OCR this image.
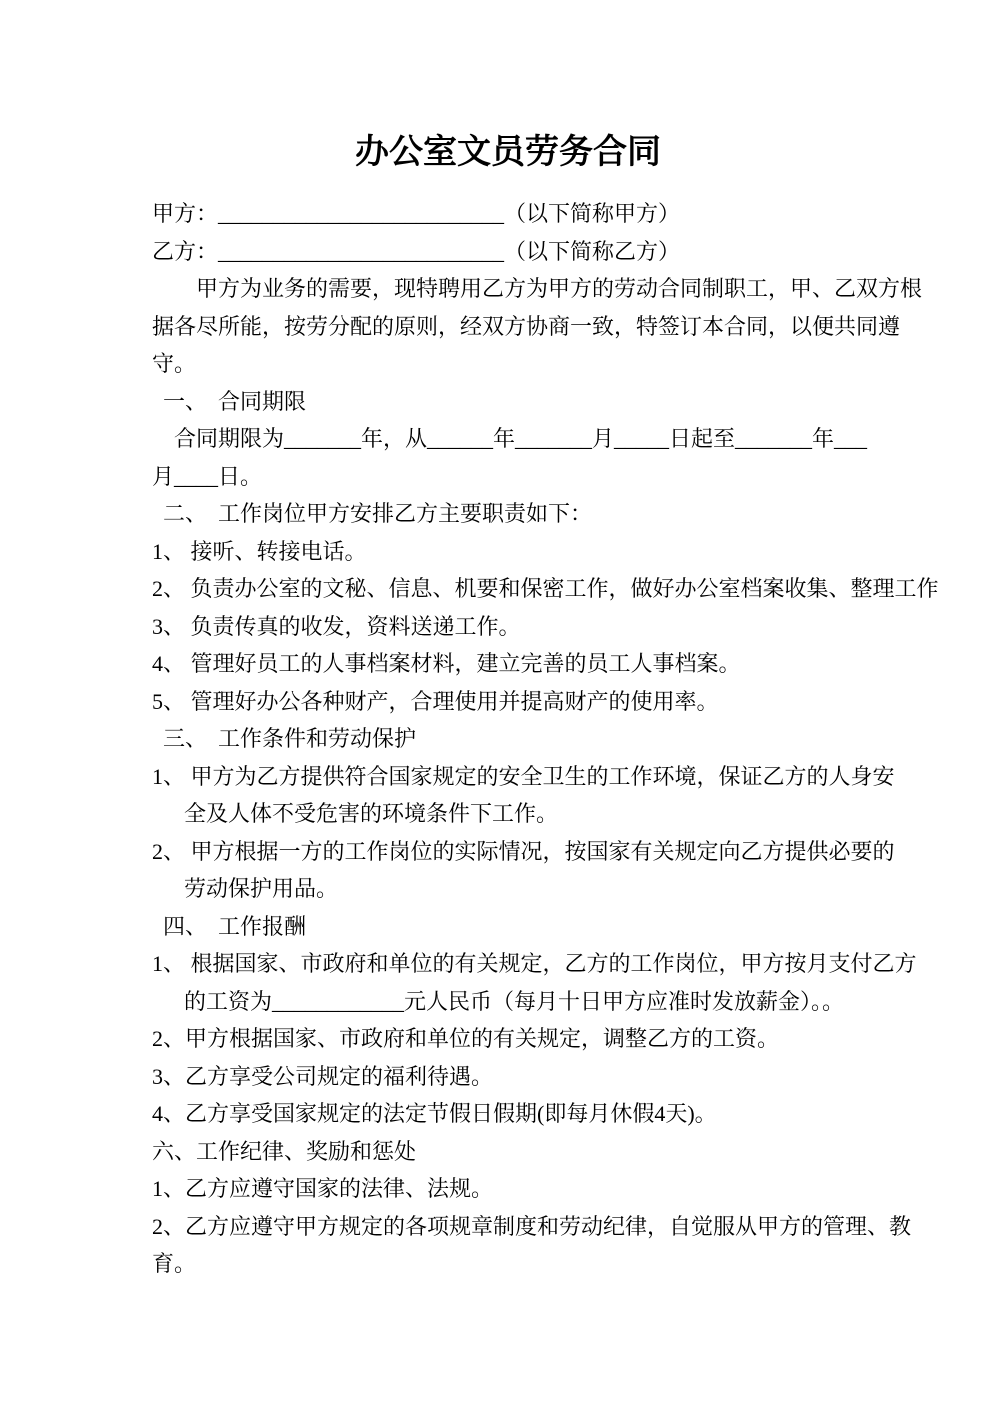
办公室文员劳务合同
甲方：__________________________（以下简称甲方）
乙方：__________________________（以下简称乙方）
甲方为业务的需要，现特聘用乙方为甲方的劳动合同制职工，甲、乙双方根
据各尽所能，按劳分配的原则，经双方协商一致，特签订本合同，以便共同遵
守。
一、　合同期限
合同期限为_______年，从______年_______月_____日起至_______年___
月____日。
二、　工作岗位甲方安排乙方主要职责如下：
1、 接听、转接电话。
2、 负责办公室的文秘、信息、机要和保密工作，做好办公室档案收集、整理工作
3、 负责传真的收发，资料送递工作。
4、 管理好员工的人事档案材料，建立完善的员工人事档案。
5、 管理好办公各种财产，合理使用并提高财产的使用率。
三、　工作条件和劳动保护
1、 甲方为乙方提供符合国家规定的安全卫生的工作环境，保证乙方的人身安
全及人体不受危害的环境条件下工作。
2、 甲方根据一方的工作岗位的实际情况，按国家有关规定向乙方提供必要的
劳动保护用品。
四、　工作报酬
1、 根据国家、市政府和单位的有关规定，乙方的工作岗位，甲方按月支付乙方
的工资为____________元人民币（每月十日甲方应准时发放薪金）。。
2、甲方根据国家、市政府和单位的有关规定，调整乙方的工资。
3、乙方享受公司规定的福利待遇。
4、乙方享受国家规定的法定节假日假期(即每月休假4天)。
六、工作纪律、奖励和惩处
1、乙方应遵守国家的法律、法规。
2、乙方应遵守甲方规定的各项规章制度和劳动纪律，自觉服从甲方的管理、教
育。
